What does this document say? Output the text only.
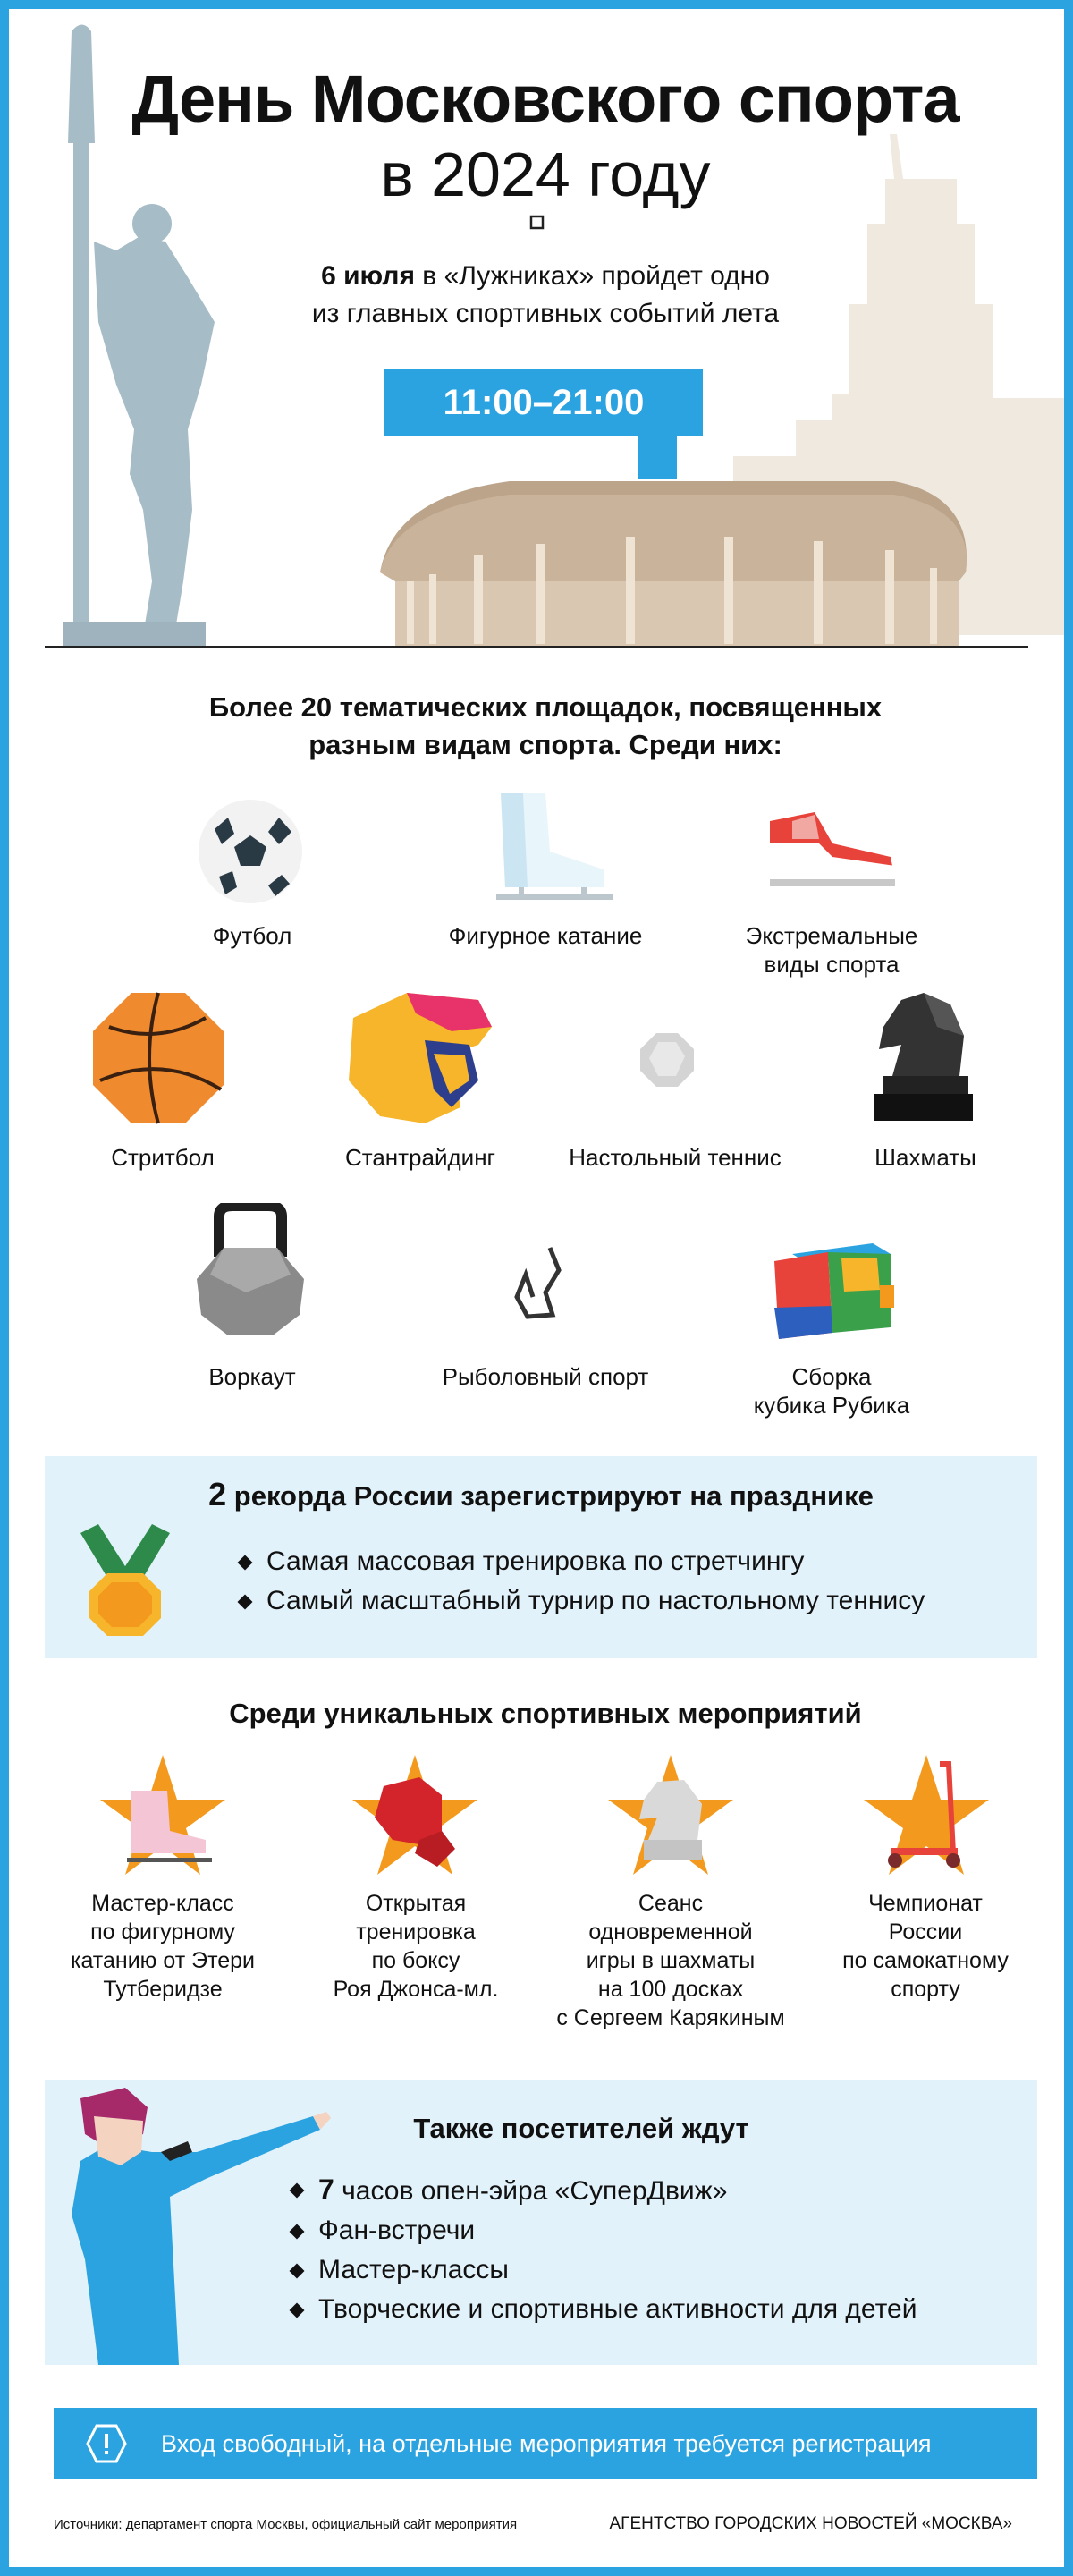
День Московского спорта
в 2024 году
6 июля в «Лужниках» пройдет одно
из главных спортивных событий лета
11:00–21:00
Более 20 тематических площадок, посвященных
разным видам спорта. Среди них:
Футбол	Фигурное катание	Экстремальные
виды спорта
Стритбол	Стантрайдинг	Настольный теннис	Шахматы
Воркаут	Рыболовный спорт	Сборка
кубика Рубика
2 рекорда России зарегистрируют на празднике
Самая массовая тренировка по стретчингу
Самый масштабный турнир по настольному теннису
Среди уникальных спортивных мероприятий
Мастер-класс
по фигурному
катанию от Этери
Тутберидзе
Открытая
тренировка
по боксу
Роя Джонса-мл.
Сеанс
одновременной
игры в шахматы
на 100 досках
с Сергеем Карякиным
Чемпионат
России
по самокатному
спорту
Также посетителей ждут
7 часов опен-эйра «СуперДвиж»
Фан-встречи
Мастер-классы
Творческие и спортивные активности для детей
Вход свободный, на отдельные мероприятия требуется регистрация
Источники: департамент спорта Москвы, официальный сайт мероприятия	АГЕНТСТВО ГОРОДСКИХ НОВОСТЕЙ «МОСКВА»
